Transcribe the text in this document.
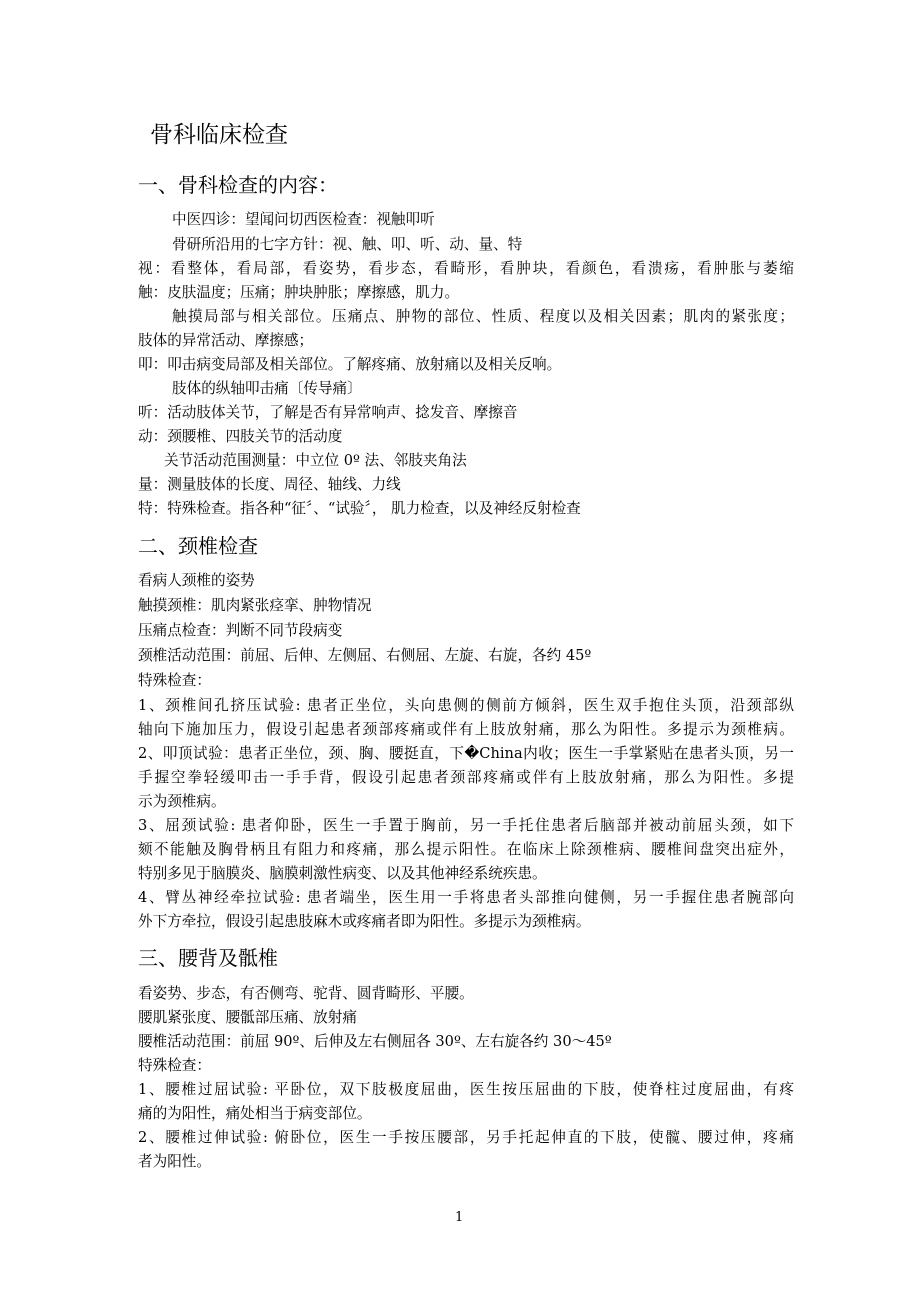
骨科临床检查
一、骨科检查的内容：
中医四诊：望闻问切西医检查：视触叩听
骨研所沿用的七字方针：视、触、叩、听、动、量、特
视：看整体，看局部，看姿势，看步态，看畸形，看肿块，看颜色，看溃疡，看肿胀与萎缩
触：皮肤温度；压痛；肿块肿胀；摩擦感，肌力。
触摸局部与相关部位。压痛点、肿物的部位、性质、程度以及相关因素；肌肉的紧张度；
肢体的异常活动、摩擦感；
叩：叩击病变局部及相关部位。了解疼痛、放射痛以及相关反响。
肢体的纵轴叩击痛〔传导痛〕
听：活动肢体关节，了解是否有异常响声、捻发音、摩擦音
动：颈腰椎、四肢关节的活动度
关节活动范围测量：中立位 0º 法、邻肢夹角法
量：测量肢体的长度、周径、轴线、力线
特：特殊检查。指各种“征〞、“试验〞， 肌力检查，以及神经反射检查
二、颈椎检查
看病人颈椎的姿势
触摸颈椎：肌肉紧张痉挛、肿物情况
压痛点检查：判断不同节段病变
颈椎活动范围：前屈、后伸、左侧屈、右侧屈、左旋、右旋，各约 45º
特殊检查：
1、颈椎间孔挤压试验: 患者正坐位，头向患侧的侧前方倾斜，医生双手抱住头顶，沿颈部纵
轴向下施加压力，假设引起患者颈部疼痛或伴有上肢放射痛，那么为阳性。多提示为颈椎病。
2、叩顶试验：患者正坐位，颈、胸、腰挺直，下�China内收；医生一手掌紧贴在患者头顶，另一
手握空拳轻缓叩击一手手背，假设引起患者颈部疼痛或伴有上肢放射痛，那么为阳性。多提
示为颈椎病。
3、屈颈试验: 患者仰卧，医生一手置于胸前，另一手托住患者后脑部并被动前屈头颈，如下
颏不能触及胸骨柄且有阻力和疼痛，那么提示阳性。在临床上除颈椎病、腰椎间盘突出症外，
特别多见于脑膜炎、脑膜刺激性病变、以及其他神经系统疾患。
4、臂丛神经牵拉试验: 患者端坐，医生用一手将患者头部推向健侧，另一手握住患者腕部向
外下方牵拉，假设引起患肢麻木或疼痛者即为阳性。多提示为颈椎病。
三、腰背及骶椎
看姿势、步态，有否侧弯、驼背、圆背畸形、平腰。
腰肌紧张度、腰骶部压痛、放射痛
腰椎活动范围：前屈 90º、后伸及左右侧屈各 30º、左右旋各约 30～45º
特殊检查：
1、腰椎过屈试验: 平卧位，双下肢极度屈曲，医生按压屈曲的下肢，使脊柱过度屈曲，有疼
痛的为阳性，痛处相当于病变部位。
2、腰椎过伸试验: 俯卧位，医生一手按压腰部，另手托起伸直的下肢，使髋、腰过伸，疼痛
者为阳性。
1
